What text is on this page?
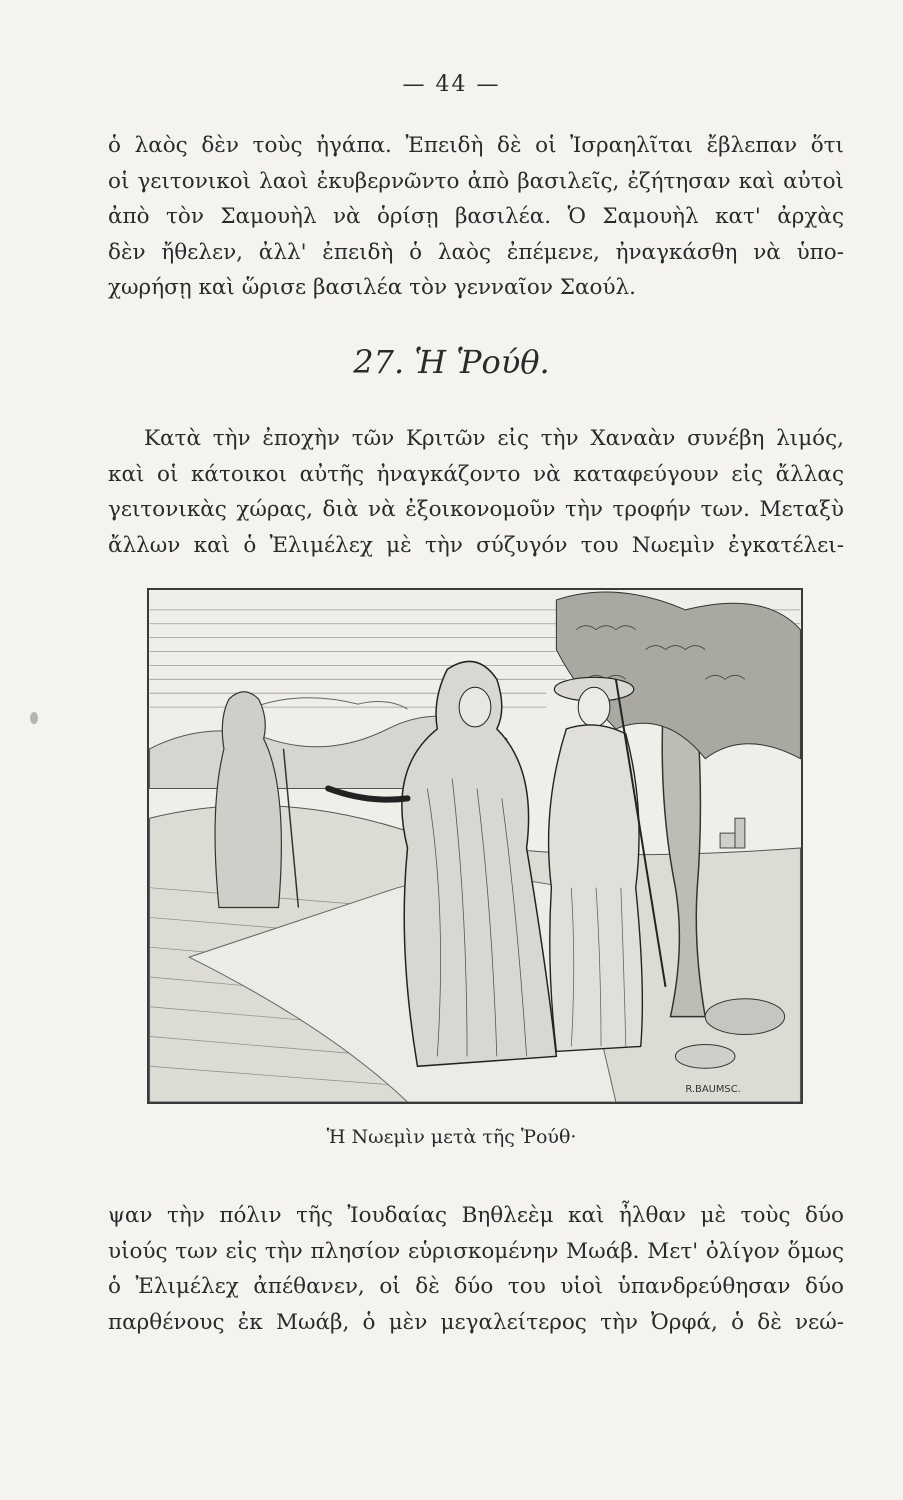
— 44 —
ὁ λαὸς δὲν τοὺς ἠγάπα. Ἐπειδὴ δὲ οἱ Ἰσραηλῖται ἔβλεπαν ὅτι
οἱ γειτονικοὶ λαοὶ ἐκυβερνῶντο ἀπὸ βασιλεῖς, ἐζήτησαν καὶ αὐτοὶ
ἀπὸ τὸν Σαμουὴλ νὰ ὁρίσῃ βασιλέα. Ὁ Σαμουὴλ κατ' ἀρχὰς
δὲν ἤθελεν, ἀλλ' ἐπειδὴ ὁ λαὸς ἐπέμενε, ἠναγκάσθη νὰ ὑπο-
χωρήσῃ καὶ ὥρισε βασιλέα τὸν γενναῖον Σαούλ.
27. Ἡ Ῥούθ.
Κατὰ τὴν ἐποχὴν τῶν Κριτῶν εἰς τὴν Χαναὰν συνέβη λιμός,
καὶ οἱ κάτοικοι αὐτῆς ἠναγκάζοντο νὰ καταφεύγουν εἰς ἄλλας
γειτονικὰς χώρας, διὰ νὰ ἐξοικονομοῦν τὴν τροφήν των. Μεταξὺ
ἄλλων καὶ ὁ Ἐλιμέλεχ μὲ τὴν σύζυγόν του Νωεμὶν ἐγκατέλει-
R.BAUMSC.
Ἡ Νωεμὶν μετὰ τῆς Ῥούθ·
ψαν τὴν πόλιν τῆς Ἰουδαίας Βηθλεὲμ καὶ ἦλθαν μὲ τοὺς δύο
υἱούς των εἰς τὴν πλησίον εὑρισκομένην Μωάβ. Μετ' ὀλίγον ὅμως
ὁ Ἐλιμέλεχ ἀπέθανεν, οἱ δὲ δύο του υἱοὶ ὑπανδρεύθησαν δύο
παρθένους ἐκ Μωάβ, ὁ μὲν μεγαλείτερος τὴν Ὀρφά, ὁ δὲ νεώ-
